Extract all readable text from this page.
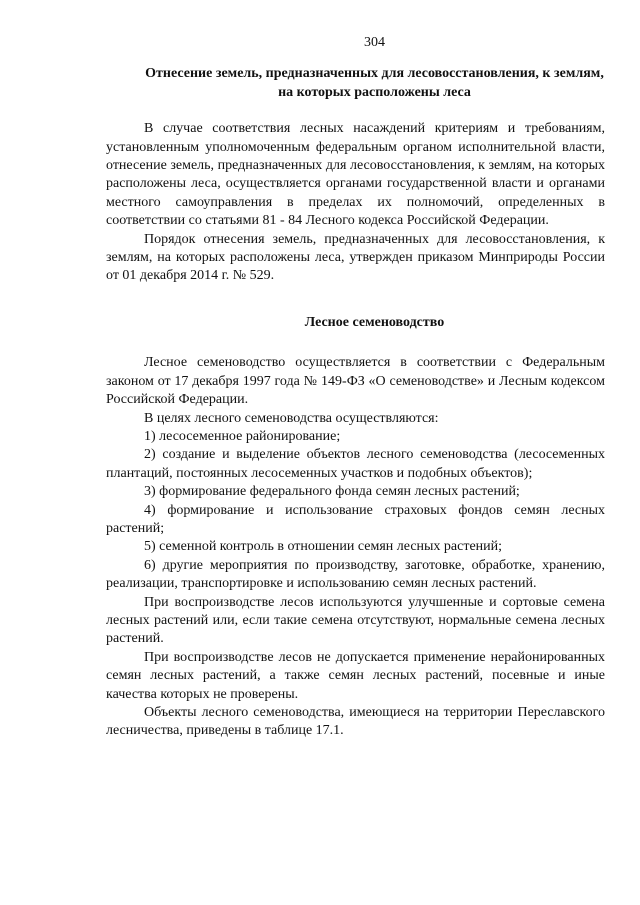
304
Отнесение земель, предназначенных для лесовосстановления, к землям, на которых расположены леса

В случае соответствия лесных насаждений критериям и требованиям, установленным уполномоченным федеральным органом исполнительной власти, отнесение земель, предназначенных для лесовосстановления, к землям, на которых расположены леса, осуществляется органами государственной власти и органами местного самоуправления в пределах их полномочий, определенных в соответствии со статьями 81 - 84 Лесного кодекса Российской Федерации.

Порядок отнесения земель, предназначенных для лесовосстановления, к землям, на которых расположены леса, утвержден приказом Минприроды России от 01 декабря 2014 г. № 529.

Лесное семеноводство

Лесное семеноводство осуществляется в соответствии с Федеральным законом от 17 декабря 1997 года № 149-ФЗ «О семеноводстве» и Лесным кодексом Российской Федерации.

В целях лесного семеноводства осуществляются:

1) лесосеменное районирование;

2) создание и выделение объектов лесного семеноводства (лесосеменных плантаций, постоянных лесосеменных участков и подобных объектов);

3) формирование федерального фонда семян лесных растений;

4) формирование и использование страховых фондов семян лесных растений;

5) семенной контроль в отношении семян лесных растений;

6) другие мероприятия по производству, заготовке, обработке, хранению, реализации, транспортировке и использованию семян лесных растений.

При воспроизводстве лесов используются улучшенные и сортовые семена лесных растений или, если такие семена отсутствуют, нормальные семена лесных растений.

При воспроизводстве лесов не допускается применение нерайонированных семян лесных растений, а также семян лесных растений, посевные и иные качества которых не проверены.

Объекты лесного семеноводства, имеющиеся на территории Переславского лесничества, приведены в таблице 17.1.
